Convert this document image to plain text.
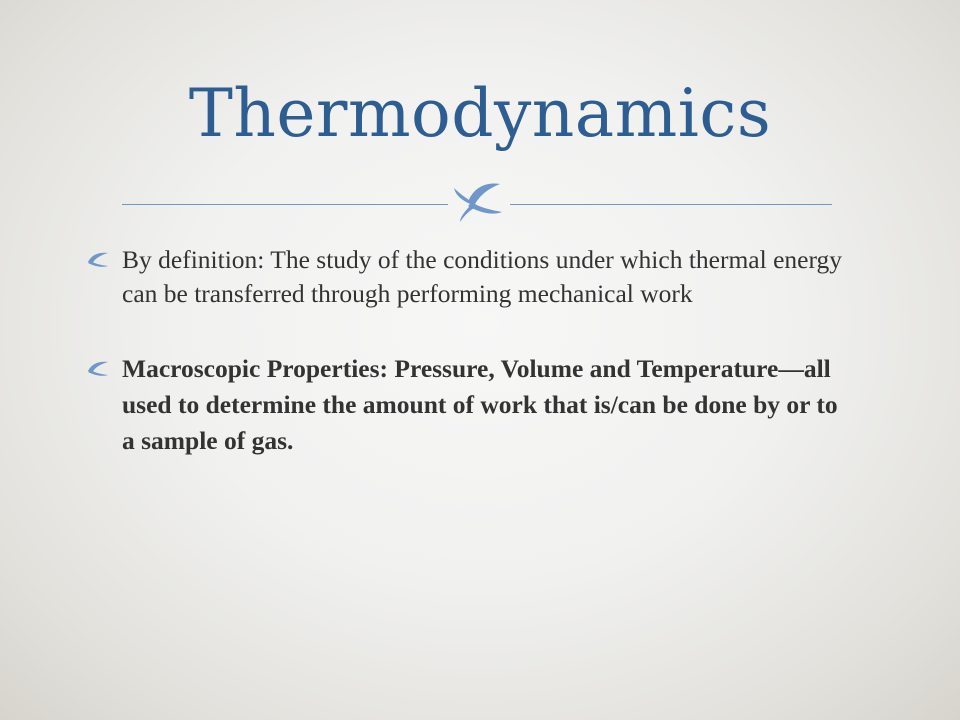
Thermodynamics
By definition: The study of the conditions under which thermal energy can be transferred through performing mechanical work
Macroscopic Properties: Pressure, Volume and Temperature—all used to determine the amount of work that is/can be done by or to a sample of gas.
